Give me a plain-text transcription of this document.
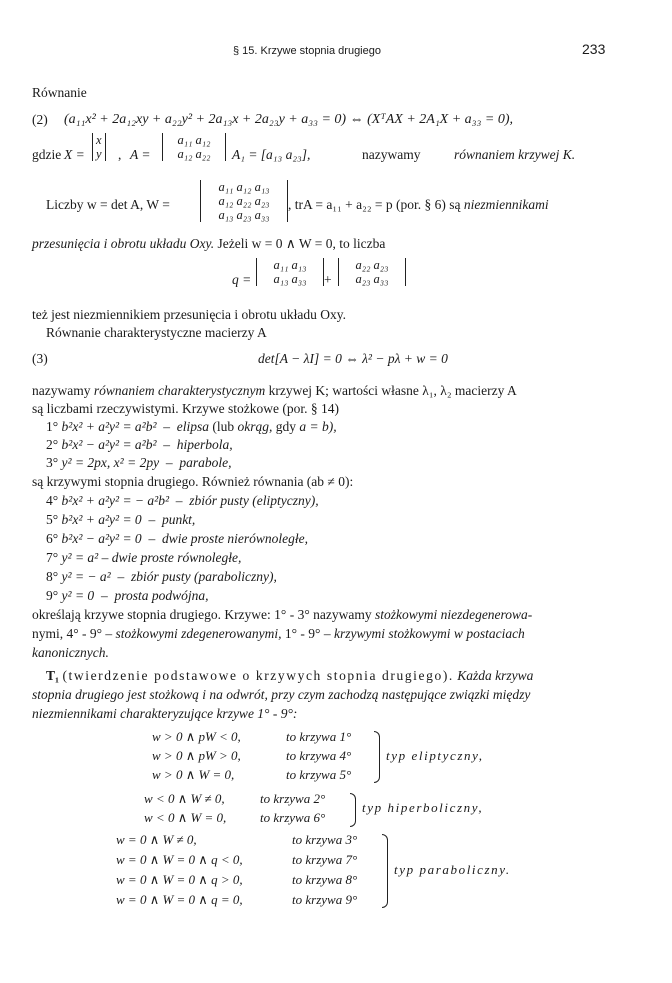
§ 15. Krzywe stopnia drugiego	233
Równanie
(2) (a₁₁x² + 2a₁₂xy + a₂₂y² + 2a₁₃x + 2a₂₃y + a₃₃ = 0) ⇔ (XᵀAX + 2A₁X + a₃₃ = 0),
gdzie X =
x
y , A =
a₁₁ a₁₂
a₁₂ a₂₂	A₁ = [a₁₃ a₂₃],	nazywamy równaniem krzywej K.
Liczby w = det A, W =
a₁₁ a₁₂ a₁₃
a₁₂ a₂₂ a₂₃
a₁₃ a₂₃ a₃₃
, trA = a₁₁ + a₂₂ = p (por. § 6) są niezmiennikami
przesunięcia i obrotu układu Oxy. Jeżeli w = 0 ∧ W = 0, to liczba
q =
a₁₁ a₁₃
a₁₃ a₃₃	+
a₂₂ a₂₃
a₂₃ a₃₃
też jest niezmiennikiem przesunięcia i obrotu układu Oxy.
Równanie charakterystyczne macierzy A
(3)	det[A − λI] = 0 ⇔ λ² − pλ + w = 0
nazywamy równaniem charakterystycznym krzywej K; wartości własne λ₁, λ₂ macierzy A
są liczbami rzeczywistymi. Krzywe stożkowe (por. § 14)
1° b²x² + a²y² = a²b²  –  elipsa (lub okrąg, gdy a = b),
2° b²x² − a²y² = a²b²  –  hiperbola,
3° y² = 2px, x² = 2py  –  parabole,
są krzywymi stopnia drugiego. Również równania (ab ≠ 0):
4° b²x² + a²y² = − a²b²  –  zbiór pusty (eliptyczny),
5° b²x² + a²y² = 0  –  punkt,
6° b²x² − a²y² = 0  –  dwie proste nierównoległe,
7° y² = a² – dwie proste równoległe,
8° y² = − a²  –  zbiór pusty (paraboliczny),
9° y² = 0  –  prosta podwójna,
określają krzywe stopnia drugiego. Krzywe: 1° - 3° nazywamy stożkowymi niezdegenerowa-
nymi, 4° - 9° – stożkowymi zdegenerowanymi, 1° - 9° – krzywymi stożkowymi w postaciach
kanonicznych.
T₁ (twierdzenie podstawowe o krzywych stopnia drugiego). Każda krzywa
stopnia drugiego jest stożkową i na odwrót, przy czym zachodzą następujące związki między
niezmiennikami charakteryzujące krzywe 1° - 9°:
w > 0 ∧ pW < 0,	to krzywa 1°
w > 0 ∧ pW > 0,	to krzywa 4°
w > 0 ∧ W = 0,	to krzywa 5°
typ eliptyczny,
w < 0 ∧ W ≠ 0,	to krzywa 2°
w < 0 ∧ W = 0,	to krzywa 6°
typ hiperboliczny,
w = 0 ∧ W ≠ 0,	to krzywa 3°
w = 0 ∧ W = 0 ∧ q < 0,	to krzywa 7°
w = 0 ∧ W = 0 ∧ q > 0,	to krzywa 8°
w = 0 ∧ W = 0 ∧ q = 0,	to krzywa 9°
typ paraboliczny.
